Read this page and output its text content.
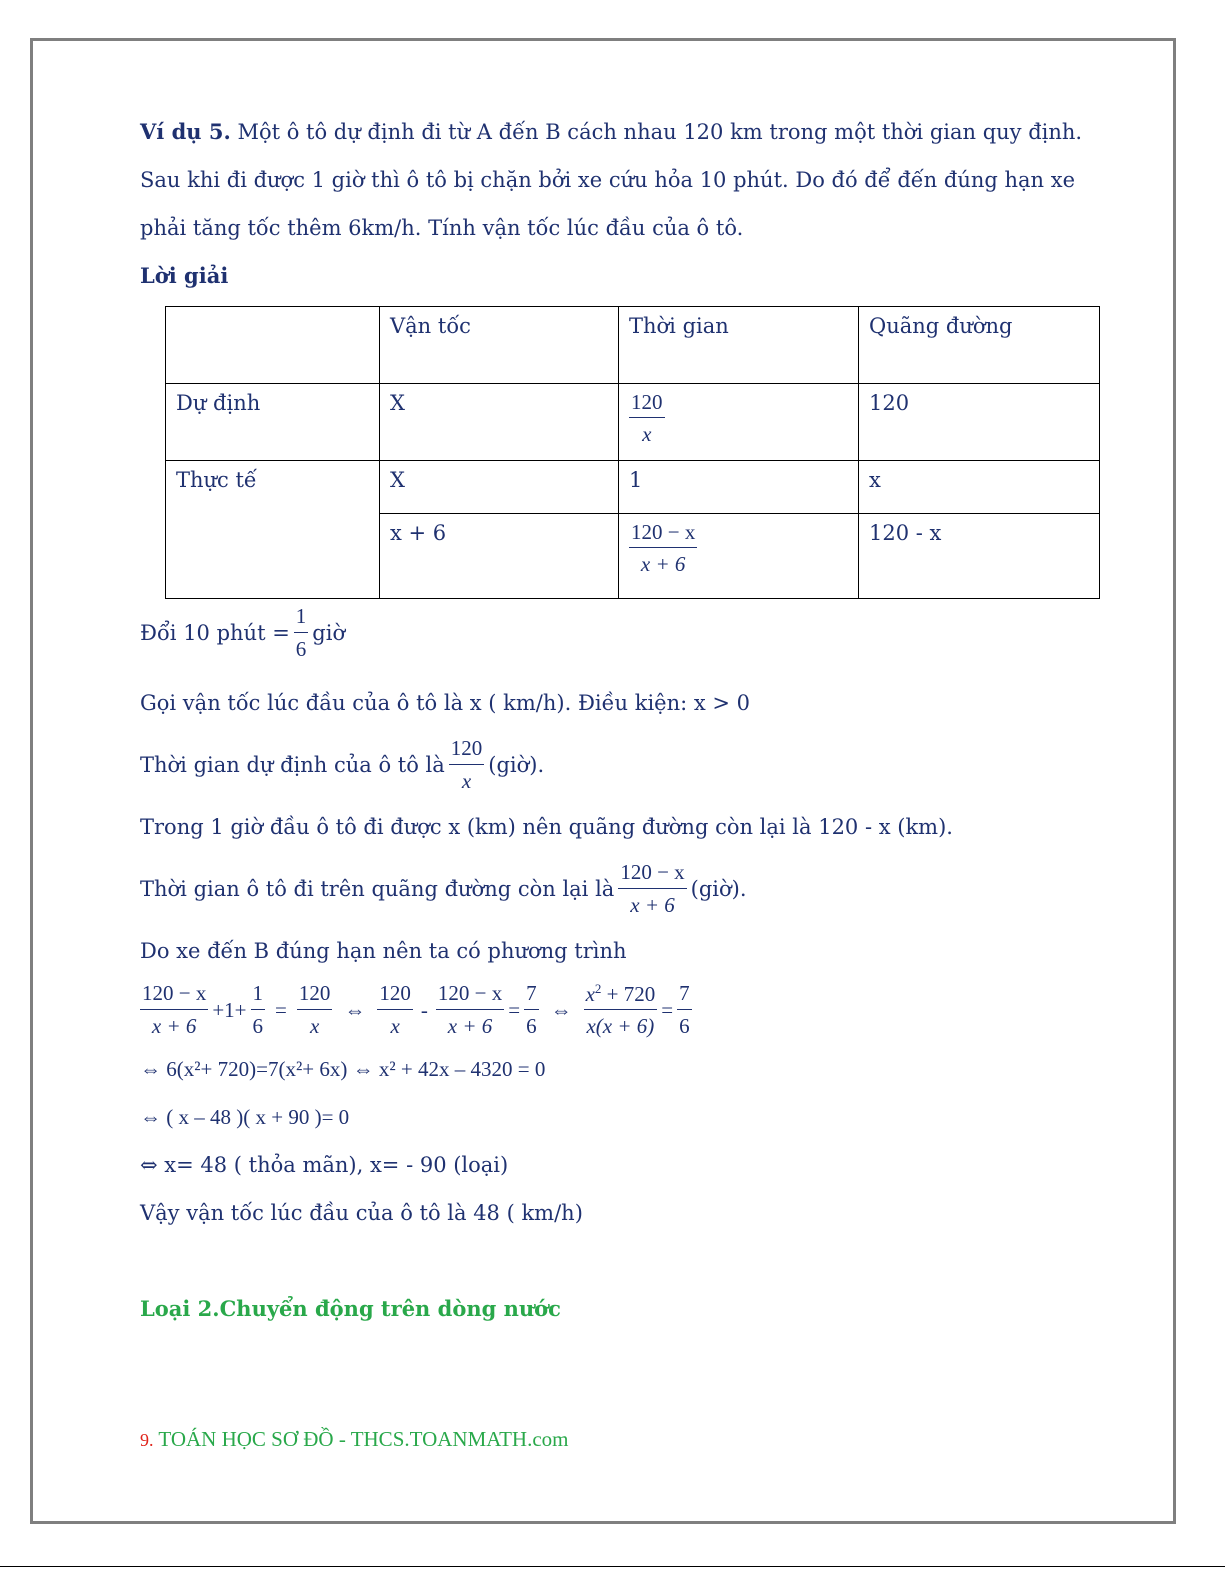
Ví dụ 5. Một ô tô dự định đi từ A đến B cách nhau 120 km trong một thời gian quy định.
Sau khi đi được 1 giờ thì ô tô bị chặn bởi xe cứu hỏa 10 phút. Do đó để đến đúng hạn xe
phải tăng tốc thêm 6km/h. Tính vận tốc lúc đầu của ô tô.
Lời giải
	Vận tốc	Thời gian	Quãng đường
Dự định	X	$\frac{120}{x}$	120
Thực tế	X	1	x
	x + 6	$\frac{120 - x}{x + 6}$	120 - x
Đổi 10 phút = $\frac{1}{6}$ giờ
Gọi vận tốc lúc đầu của ô tô là x ( km/h). Điều kiện: x > 0
Thời gian dự định của ô tô là $\frac{120}{x}$ (giờ).
Trong 1 giờ đầu ô tô đi được x (km) nên quãng đường còn lại là 120 - x (km).
Thời gian ô tô đi trên quãng đường còn lại là $\frac{120 - x}{x + 6}$ (giờ).
Do xe đến B đúng hạn nên ta có phương trình
$\frac{120 - x}{x + 6} +1+ \frac{1}{6} = \frac{120}{x}$ ⇔ $\frac{120}{x} - \frac{120 - x}{x + 6} = \frac{7}{6}$ ⇔ $\frac{x^2 + 720}{x(x + 6)} = \frac{7}{6}$
⇔ 6(x²+ 720)=7(x²+ 6x) ⇔ x² + 42x – 4320 = 0
⇔ ( x – 48 )( x + 90 )= 0
⇔ x= 48 ( thỏa mãn), x= - 90 (loại)
Vậy vận tốc lúc đầu của ô tô là 48 ( km/h)
Loại 2.Chuyển động trên dòng nước
9. TOÁN HỌC SƠ ĐỒ - THCS.TOANMATH.com
